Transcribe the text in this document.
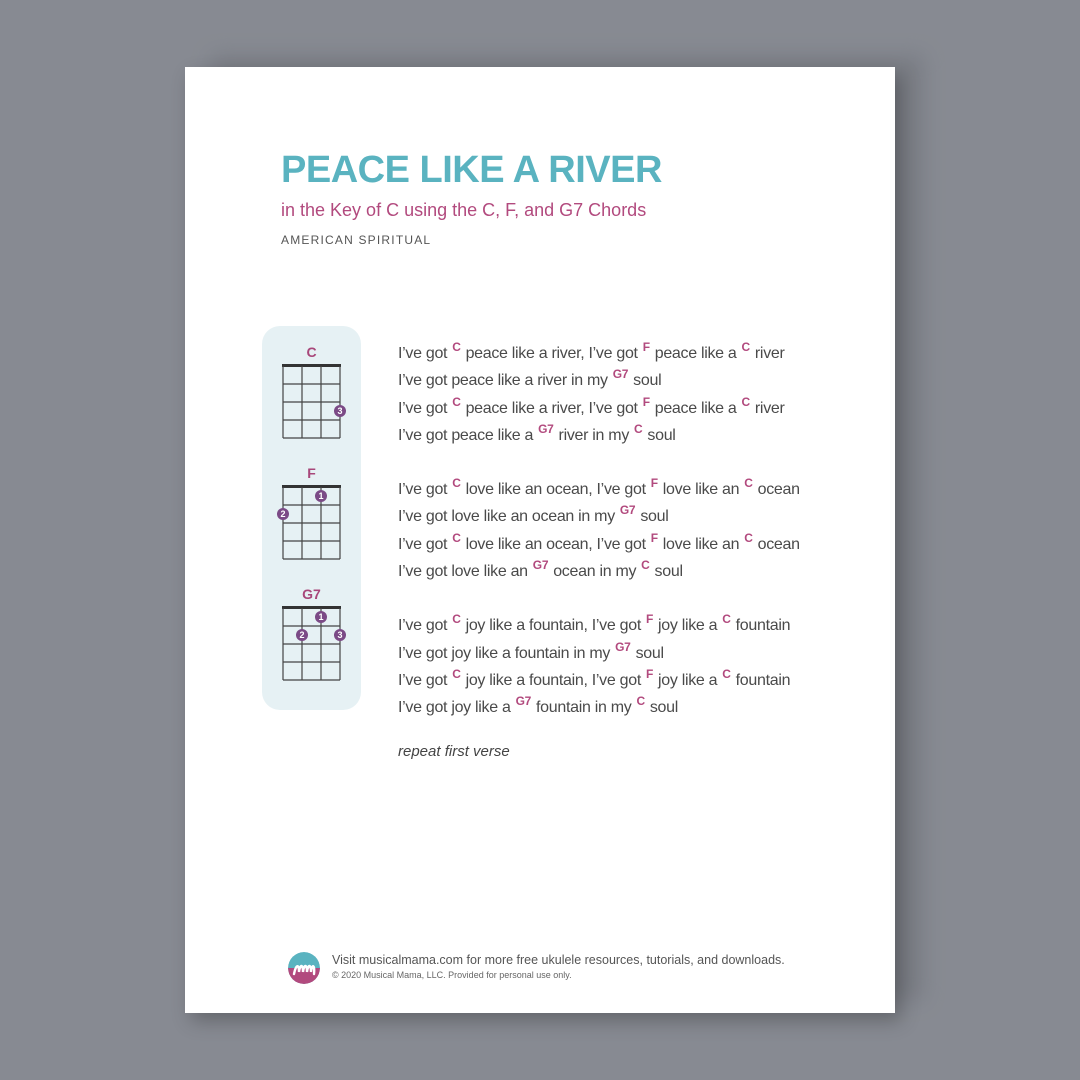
PEACE LIKE A RIVER
in the Key of C using the C, F, and G7 Chords
AMERICAN SPIRITUAL
C
3
F
2
1
G7
1
2	3
I’ve got C peace like a river, I’ve got F peace like a C river
I’ve got peace like a river in my G7 soul
I’ve got C peace like a river, I’ve got F peace like a C river
I’ve got peace like a G7 river in my C soul
I’ve got C love like an ocean, I’ve got F love like an C ocean
I’ve got love like an ocean in my G7 soul
I’ve got C love like an ocean, I’ve got F love like an C ocean
I’ve got love like an G7 ocean in my C soul
I’ve got C joy like a fountain, I’ve got F joy like a C fountain
I’ve got joy like a fountain in my G7 soul
I’ve got C joy like a fountain, I’ve got F joy like a C fountain
I’ve got joy like a G7 fountain in my C soul
repeat first verse
Visit musicalmama.com for more free ukulele resources, tutorials, and downloads.
© 2020 Musical Mama, LLC. Provided for personal use only.
